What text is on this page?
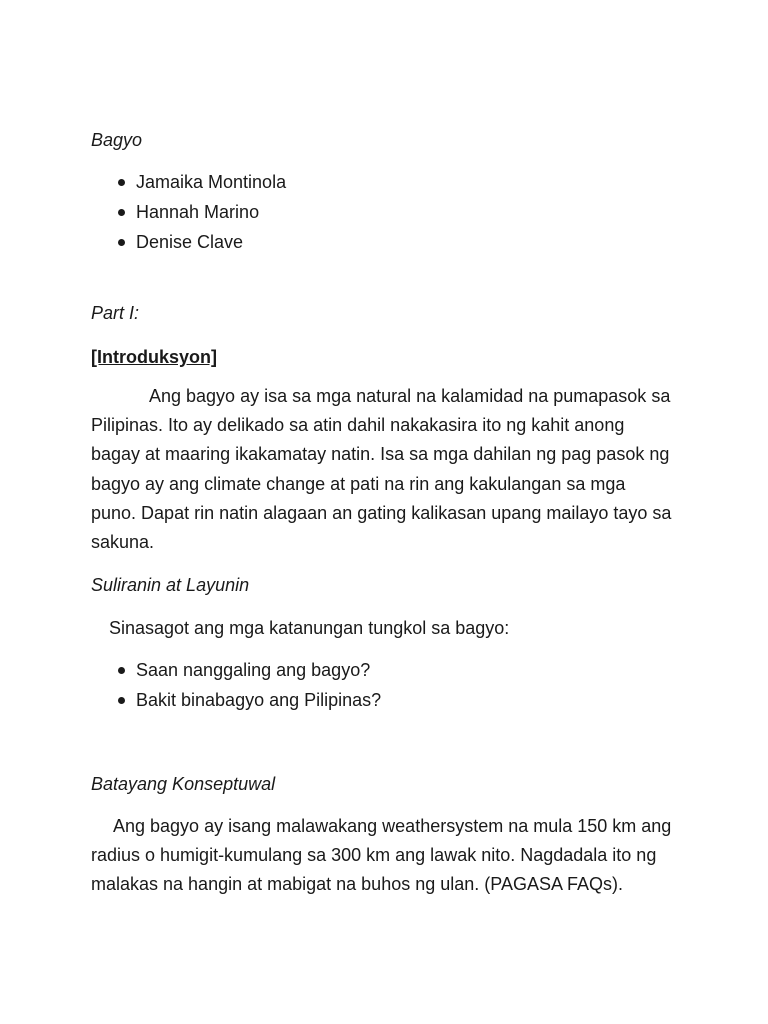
Bagyo
Jamaika Montinola
Hannah Marino
Denise Clave
Part I:
[Introduksyon]
Ang bagyo ay isa sa mga natural na kalamidad na pumapasok sa
Pilipinas. Ito ay delikado sa atin dahil nakakasira ito ng kahit anong
bagay at maaring ikakamatay natin. Isa sa mga dahilan ng pag pasok ng
bagyo ay ang climate change at pati na rin ang kakulangan sa mga
puno. Dapat rin natin alagaan an gating kalikasan upang mailayo tayo sa
sakuna.
Suliranin at Layunin
Sinasagot ang mga katanungan tungkol sa bagyo:
Saan nanggaling ang bagyo?
Bakit binabagyo ang Pilipinas?
Batayang Konseptuwal
Ang bagyo ay isang malawakang weathersystem na mula 150 km ang
radius o humigit-kumulang sa 300 km ang lawak nito. Nagdadala ito ng
malakas na hangin at mabigat na buhos ng ulan. (PAGASA FAQs).
